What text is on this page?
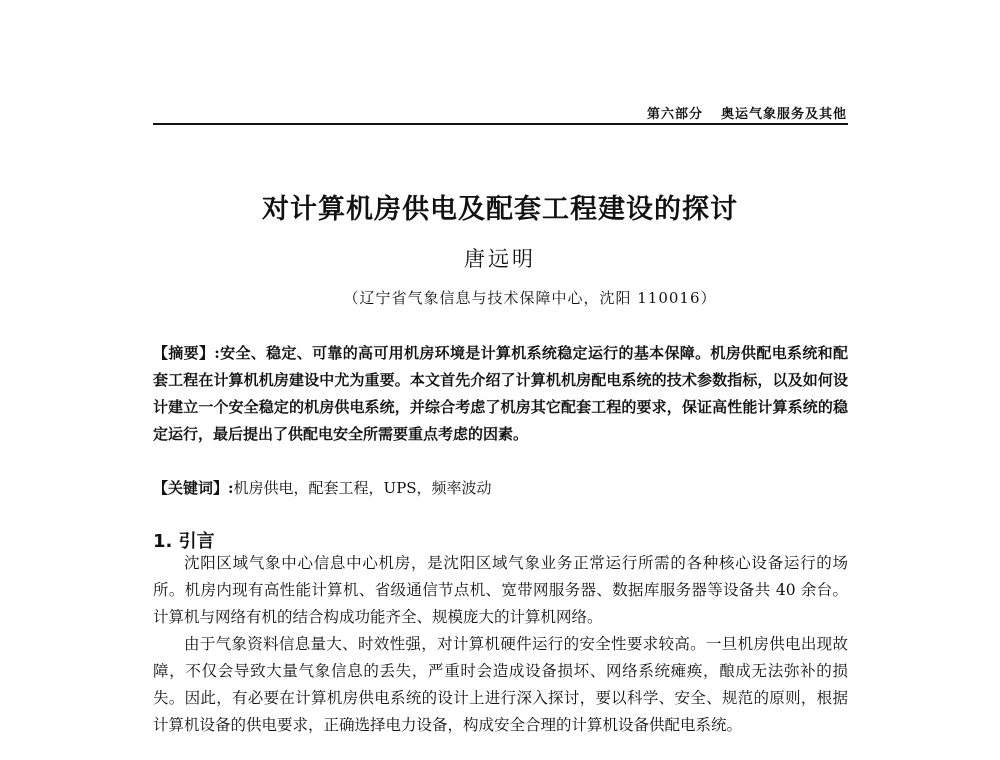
第六部分 奥运气象服务及其他
对计算机房供电及配套工程建设的探讨
唐远明
（辽宁省气象信息与技术保障中心，沈阳 110016）
【摘要】:安全、稳定、可靠的高可用机房环境是计算机系统稳定运行的基本保障。机房供配电系统和配套工程在计算机机房建设中尤为重要。本文首先介绍了计算机机房配电系统的技术参数指标，以及如何设计建立一个安全稳定的机房供电系统，并综合考虑了机房其它配套工程的要求，保证高性能计算系统的稳定运行，最后提出了供配电安全所需要重点考虑的因素。
【关键词】:机房供电，配套工程，UPS，频率波动
1. 引言

沈阳区域气象中心信息中心机房，是沈阳区域气象业务正常运行所需的各种核心设备运行的场所。机房内现有高性能计算机、省级通信节点机、宽带网服务器、数据库服务器等设备共 40 余台。计算机与网络有机的结合构成功能齐全、规模庞大的计算机网络。

由于气象资料信息量大、时效性强，对计算机硬件运行的安全性要求较高。一旦机房供电出现故障，不仅会导致大量气象信息的丢失，严重时会造成设备损坏、网络系统瘫痪，酿成无法弥补的损失。因此，有必要在计算机房供电系统的设计上进行深入探讨，要以科学、安全、规范的原则，根据计算机设备的供电要求，正确选择电力设备，构成安全合理的计算机设备供配电系统。
